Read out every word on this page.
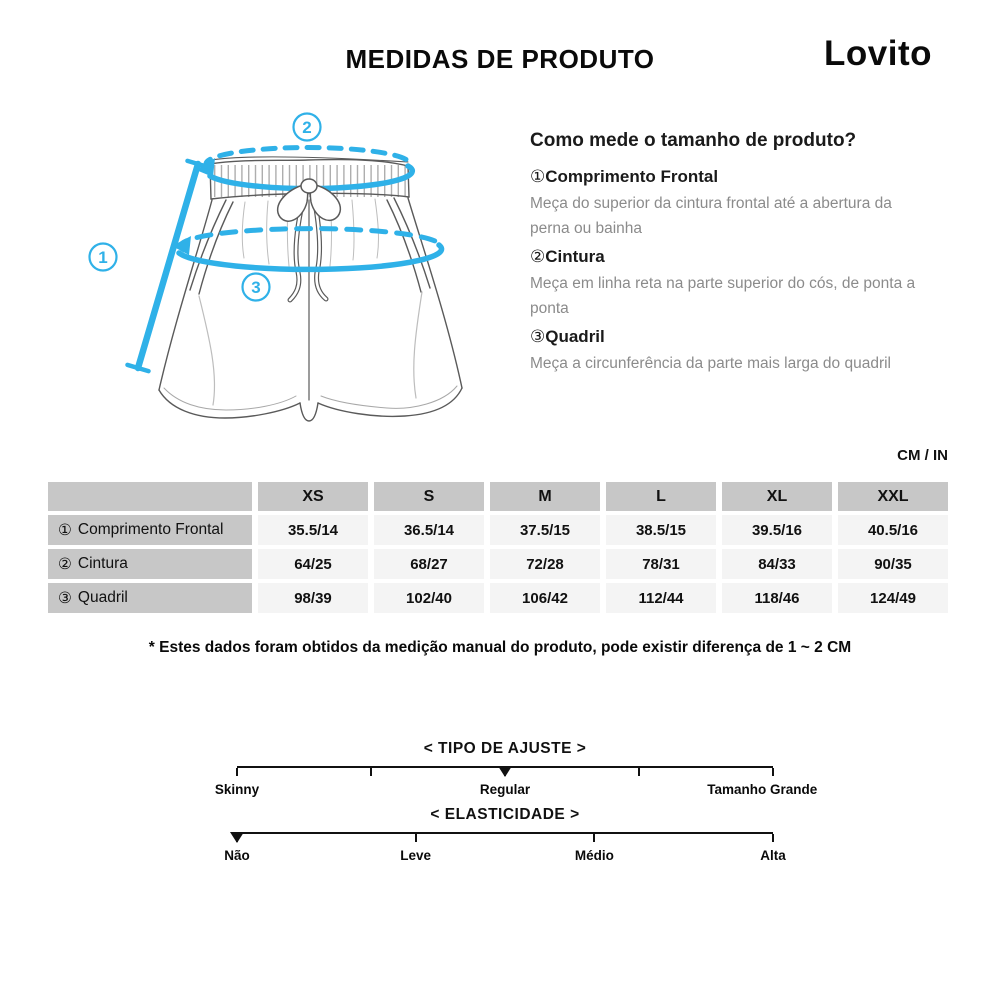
MEDIDAS DE PRODUTO	Lovito
1
2
3
Como mede o tamanho de produto?
①Comprimento Frontal
Meça do superior da cintura frontal até a abertura da perna ou bainha
②Cintura
Meça em linha reta na parte superior do cós, de ponta a ponta
③Quadril
Meça a circunferência da parte mais larga do quadril
CM / IN
XS	S	M	L	XL	XXL
① Comprimento Frontal	35.5/14	36.5/14	37.5/15	38.5/15	39.5/16	40.5/16
② Cintura	64/25	68/27	72/28	78/31	84/33	90/35
③ Quadril	98/39	102/40	106/42	112/44	118/46	124/49
* Estes dados foram obtidos da medição manual do produto, pode existir diferença de 1 ~ 2 CM
< TIPO DE AJUSTE >
Skinny	Regular	Tamanho Grande
< ELASTICIDADE >
Não	Leve	Médio	Alta
